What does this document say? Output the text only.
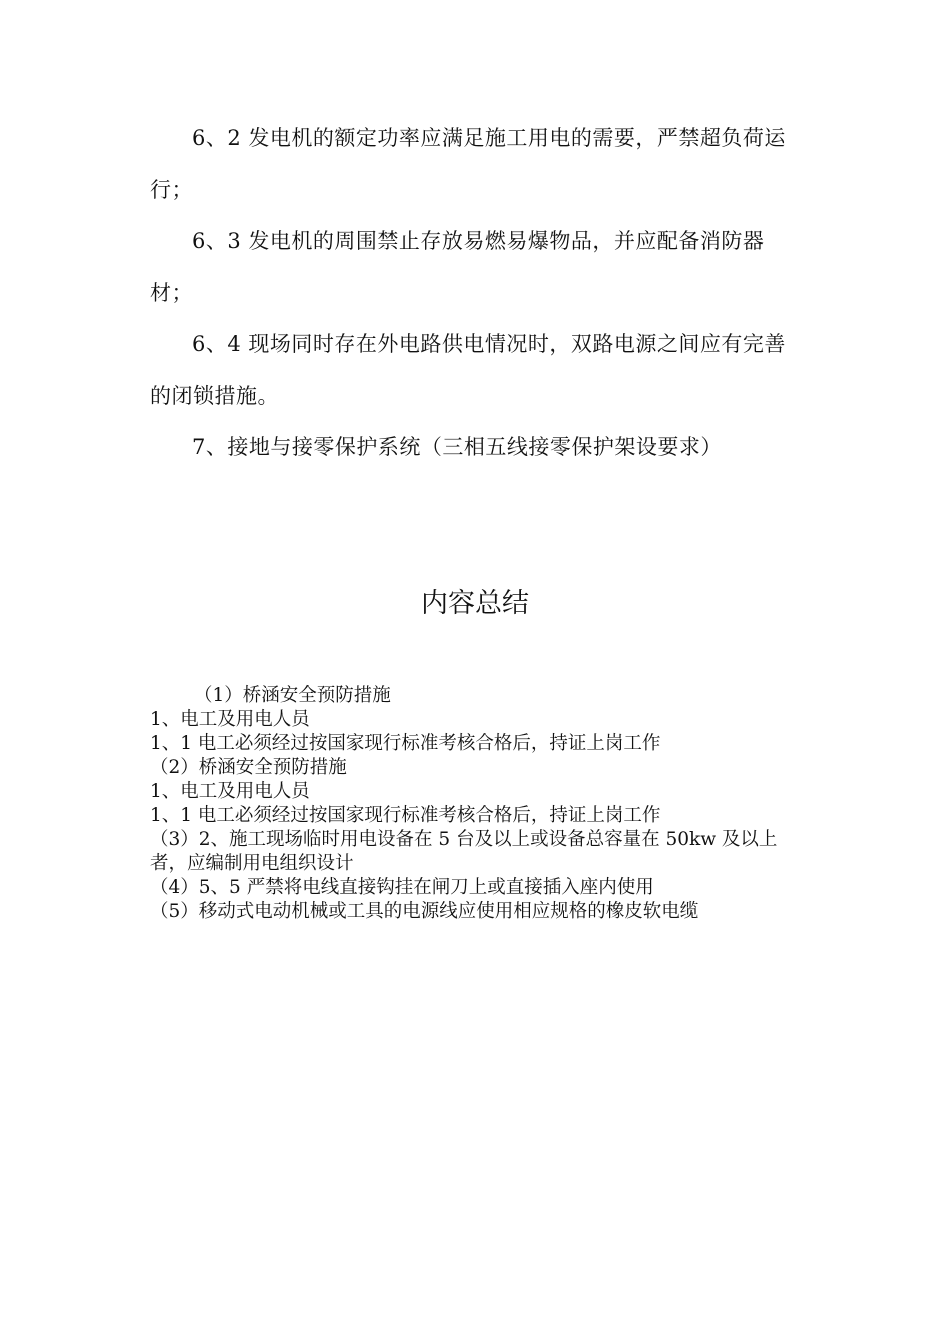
6、2 发电机的额定功率应满足施工用电的需要，严禁超负荷运行；

6、3 发电机的周围禁止存放易燃易爆物品，并应配备消防器材；

6、4 现场同时存在外电路供电情况时，双路电源之间应有完善的闭锁措施。

7、接地与接零保护系统（三相五线接零保护架设要求）

内容总结

（1）桥涵安全预防措施

1、电工及用电人员

1、1 电工必须经过按国家现行标准考核合格后，持证上岗工作

（2）桥涵安全预防措施

1、电工及用电人员

1、1 电工必须经过按国家现行标准考核合格后，持证上岗工作

（3）2、施工现场临时用电设备在 5 台及以上或设备总容量在 50kw 及以上者，应编制用电组织设计

（4）5、5 严禁将电线直接钩挂在闸刀上或直接插入座内使用

（5）移动式电动机械或工具的电源线应使用相应规格的橡皮软电缆
